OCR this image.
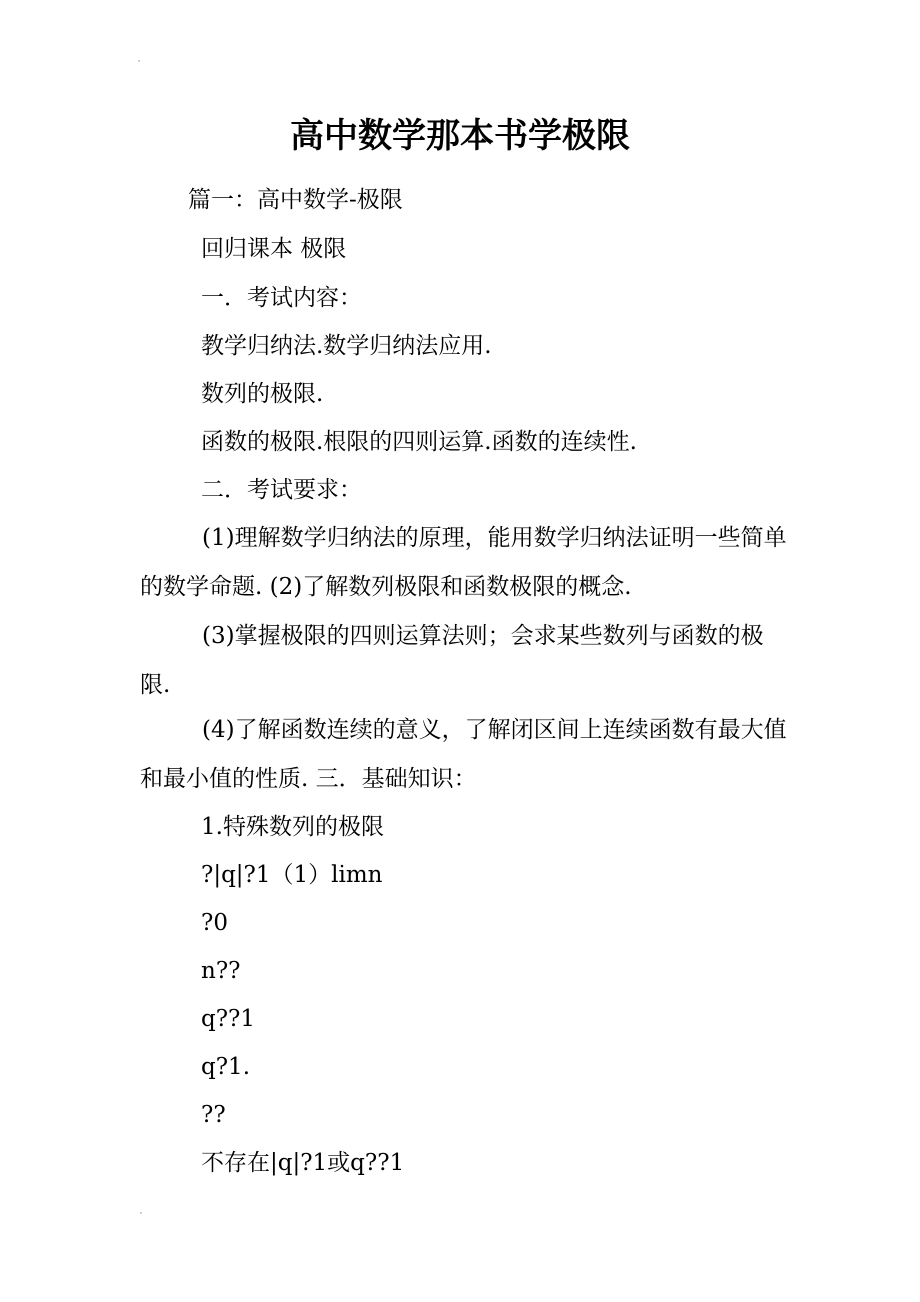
高中数学那本书学极限
篇一：高中数学-极限
回归课本 极限
一．考试内容：
教学归纳法.数学归纳法应用.
数列的极限.
函数的极限.根限的四则运算.函数的连续性.
二．考试要求：
(1)理解数学归纳法的原理，能用数学归纳法证明一些简单的数学命题. (2)了解数列极限和函数极限的概念.
(3)掌握极限的四则运算法则；会求某些数列与函数的极限.
(4)了解函数连续的意义，了解闭区间上连续函数有最大值和最小值的性质. 三．基础知识：
1.特殊数列的极限
?|q|?1（1）limn
?0
n??
q??1
q?1.
??
不存在|q|?1或q??1
